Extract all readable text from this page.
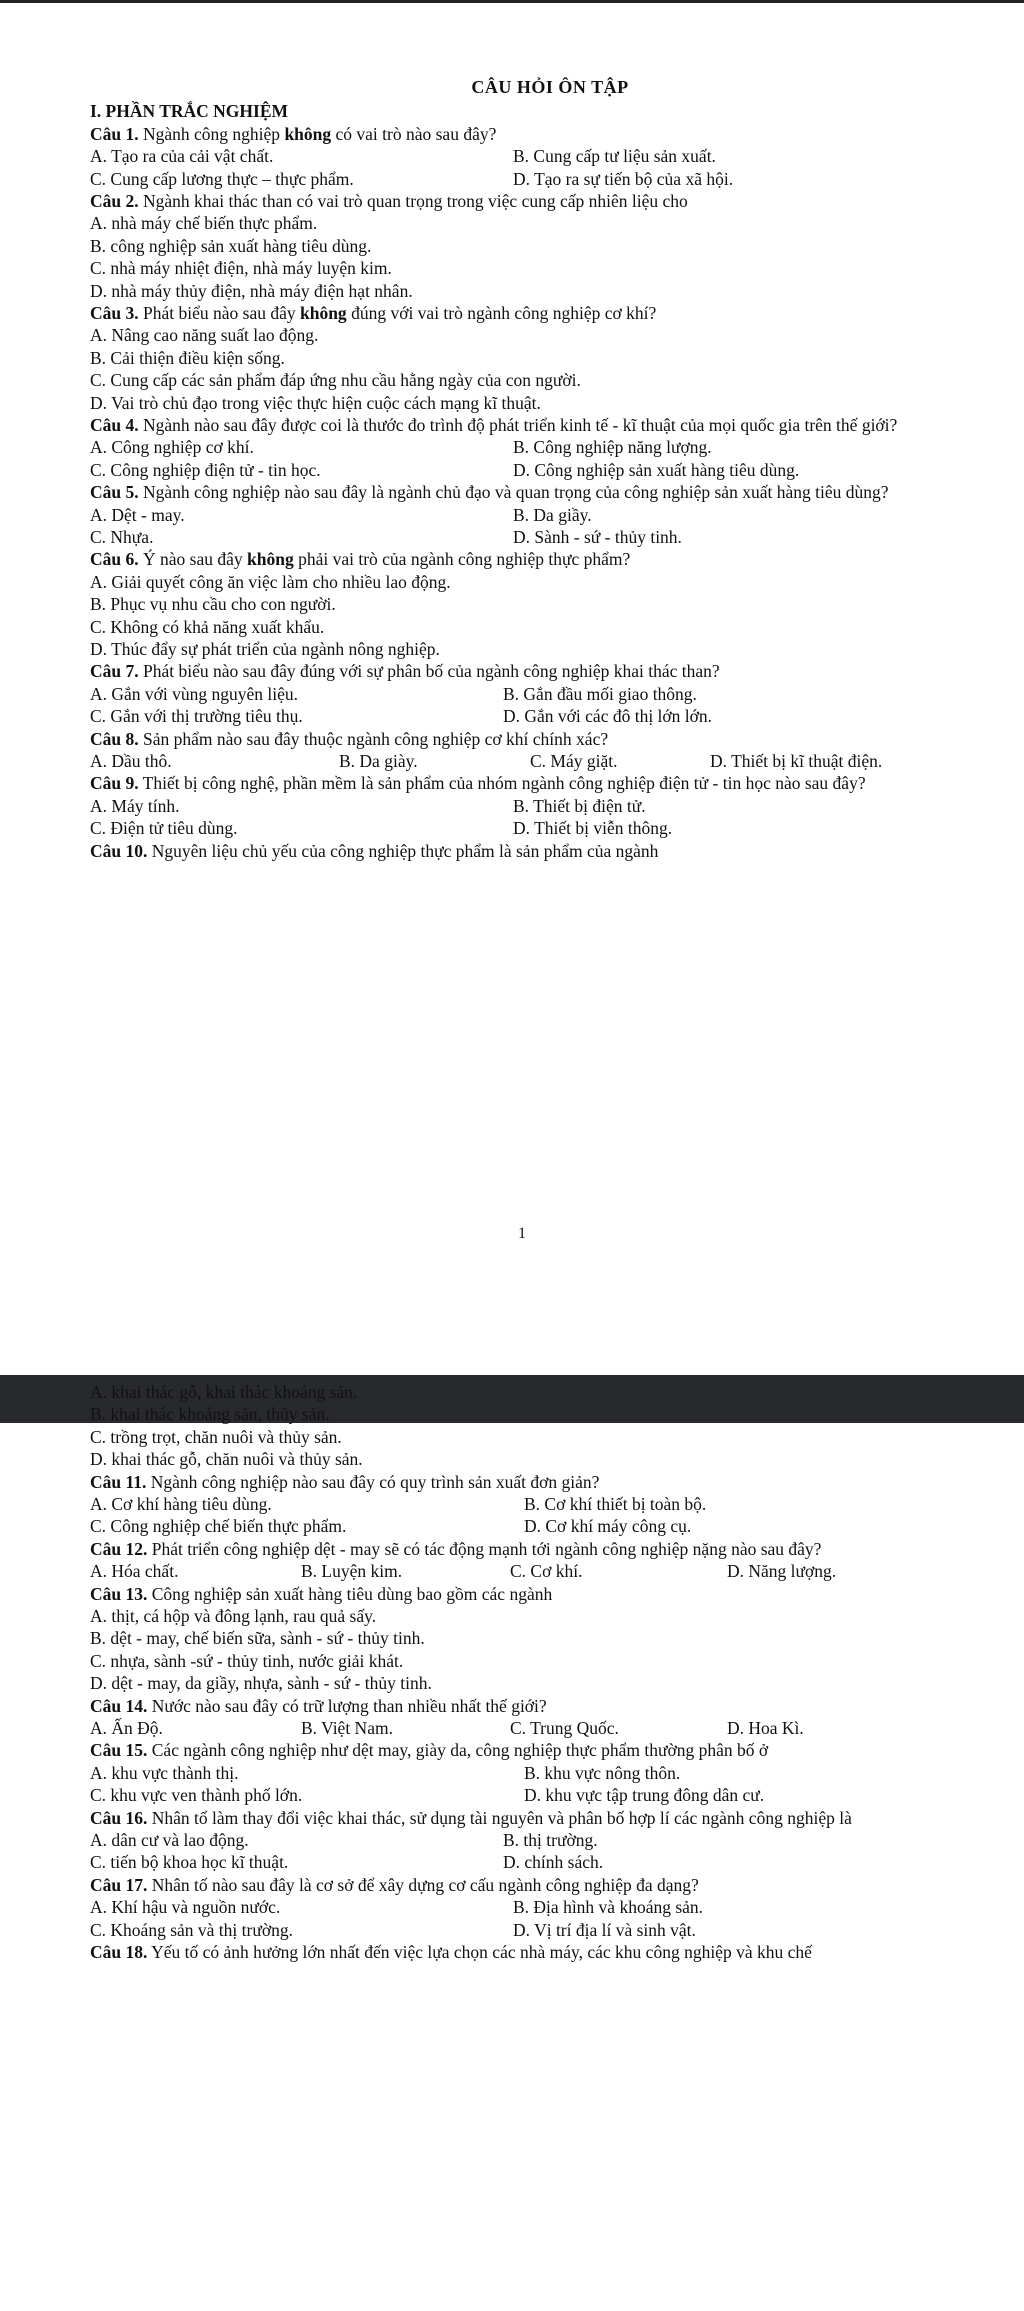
CÂU HỎI ÔN TẬP
I. PHẦN TRẮC NGHIỆM
Câu 1. Ngành công nghiệp không có vai trò nào sau đây?
A. Tạo ra của cải vật chất.	B. Cung cấp tư liệu sản xuất.
C. Cung cấp lương thực – thực phẩm.	D. Tạo ra sự tiến bộ của xã hội.
Câu 2. Ngành khai thác than có vai trò quan trọng trong việc cung cấp nhiên liệu cho
A. nhà máy chế biến thực phẩm.
B. công nghiệp sản xuất hàng tiêu dùng.
C. nhà máy nhiệt điện, nhà máy luyện kim.
D. nhà máy thủy điện, nhà máy điện hạt nhân.
Câu 3. Phát biểu nào sau đây không đúng với vai trò ngành công nghiệp cơ khí?
A. Nâng cao năng suất lao động.
B. Cải thiện điều kiện sống.
C. Cung cấp các sản phẩm đáp ứng nhu cầu hằng ngày của con người.
D. Vai trò chủ đạo trong việc thực hiện cuộc cách mạng kĩ thuật.
Câu 4. Ngành nào sau đây được coi là thước đo trình độ phát triển kinh tế - kĩ thuật của mọi quốc gia trên thế giới?
A. Công nghiệp cơ khí.	B. Công nghiệp năng lượng.
C. Công nghiệp điện tử - tin học.	D. Công nghiệp sản xuất hàng tiêu dùng.
Câu 5. Ngành công nghiệp nào sau đây là ngành chủ đạo và quan trọng của công nghiệp sản xuất hàng tiêu dùng?
A. Dệt - may.	B. Da giầy.
C. Nhựa.	D. Sành - sứ - thủy tinh.
Câu 6. Ý nào sau đây không phải vai trò của ngành công nghiệp thực phẩm?
A. Giải quyết công ăn việc làm cho nhiều lao động.
B. Phục vụ nhu cầu cho con người.
C. Không có khả năng xuất khẩu.
D. Thúc đẩy sự phát triển của ngành nông nghiệp.
Câu 7. Phát biểu nào sau đây đúng với sự phân bố của ngành công nghiệp khai thác than?
A. Gắn với vùng nguyên liệu.	B. Gắn đầu mối giao thông.
C. Gắn với thị trường tiêu thụ.	D. Gắn với các đô thị lớn lớn.
Câu 8. Sản phẩm nào sau đây thuộc ngành công nghiệp cơ khí chính xác?
A. Dầu thô.	B. Da giày.	C. Máy giặt.	D. Thiết bị kĩ thuật điện.
Câu 9. Thiết bị công nghệ, phần mềm là sản phẩm của nhóm ngành công nghiệp điện tử - tin học nào sau đây?
A. Máy tính.	B. Thiết bị điện tử.
C. Điện tử tiêu dùng.	D. Thiết bị viễn thông.
Câu 10. Nguyên liệu chủ yếu của công nghiệp thực phẩm là sản phẩm của ngành
1
A. khai thác gỗ, khai thác khoáng sản.
B. khai thác khoáng sản, thủy sản.
C. trồng trọt, chăn nuôi và thủy sản.
D. khai thác gỗ, chăn nuôi và thủy sản.
Câu 11. Ngành công nghiệp nào sau đây có quy trình sản xuất đơn giản?
A. Cơ khí hàng tiêu dùng.	B. Cơ khí thiết bị toàn bộ.
C. Công nghiệp chế biến thực phẩm.	D. Cơ khí máy công cụ.
Câu 12. Phát triển công nghiệp dệt - may sẽ có tác động mạnh tới ngành công nghiệp nặng nào sau đây?
A. Hóa chất.	B. Luyện kim.	C. Cơ khí.	D. Năng lượng.
Câu 13. Công nghiệp sản xuất hàng tiêu dùng bao gồm các ngành
A. thịt, cá hộp và đông lạnh, rau quả sấy.
B. dệt - may, chế biến sữa, sành - sứ - thủy tinh.
C. nhựa, sành -sứ - thủy tinh, nước giải khát.
D. dệt - may, da giầy, nhựa, sành - sứ - thủy tinh.
Câu 14. Nước nào sau đây có trữ lượng than nhiều nhất thế giới?
A. Ấn Độ.	B. Việt Nam.	C. Trung Quốc.	D. Hoa Kì.
Câu 15. Các ngành công nghiệp như dệt may, giày da, công nghiệp thực phẩm thường phân bố ở
A. khu vực thành thị.	B. khu vực nông thôn.
C. khu vực ven thành phố lớn.	D. khu vực tập trung đông dân cư.
Câu 16. Nhân tố làm thay đổi việc khai thác, sử dụng tài nguyên và phân bố hợp lí các ngành công nghiệp là
A. dân cư và lao động.	B. thị trường.
C. tiến bộ khoa học kĩ thuật.	D. chính sách.
Câu 17. Nhân tố nào sau đây là cơ sở để xây dựng cơ cấu ngành công nghiệp đa dạng?
A. Khí hậu và nguồn nước.	B. Địa hình và khoáng sản.
C. Khoáng sản và thị trường.	D. Vị trí địa lí và sinh vật.
Câu 18. Yếu tố có ảnh hưởng lớn nhất đến việc lựa chọn các nhà máy, các khu công nghiệp và khu chế
